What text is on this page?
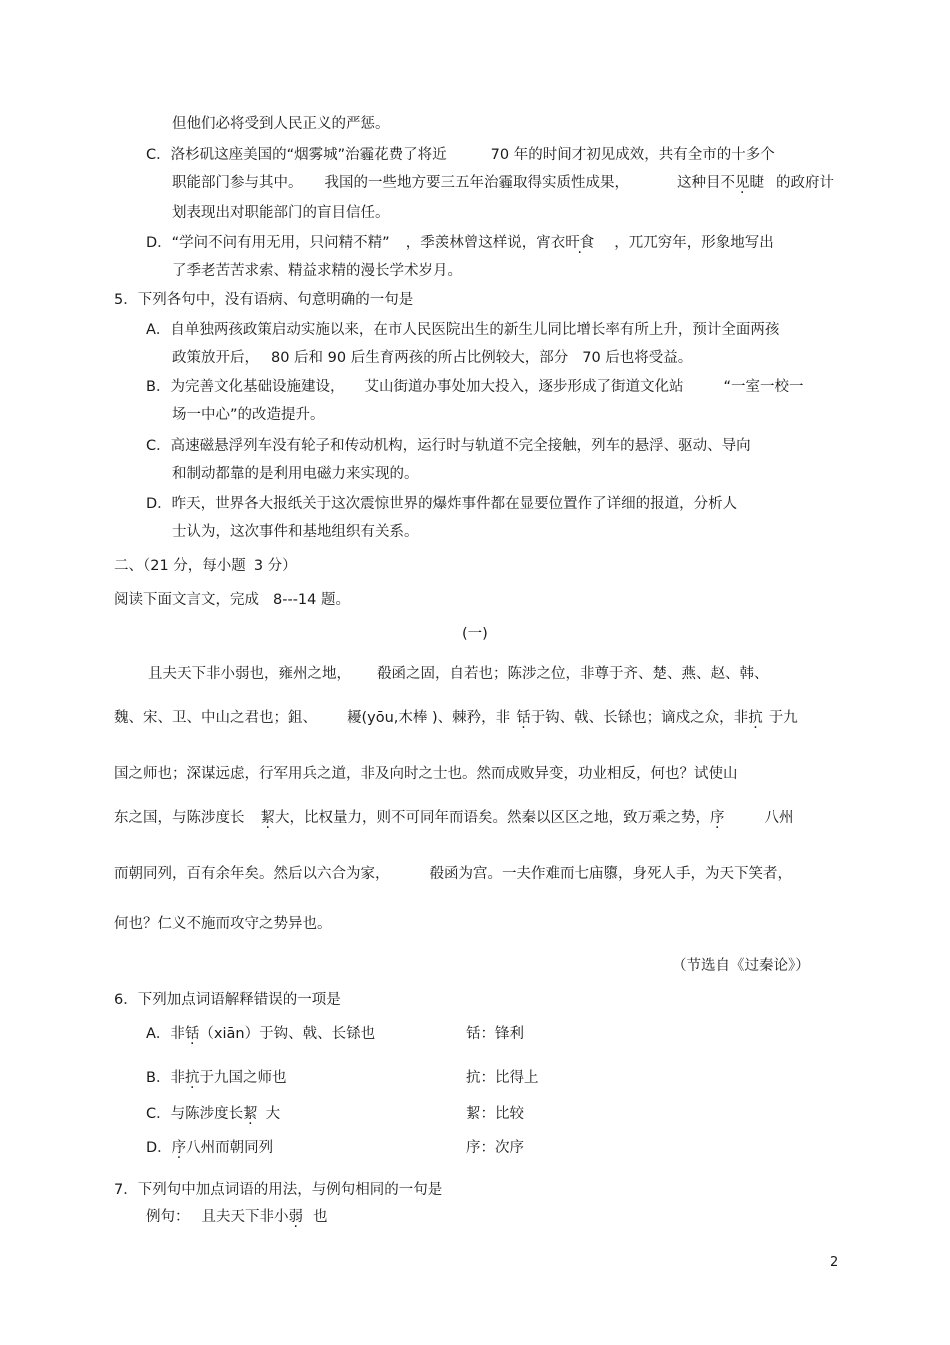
但他们必将受到人民正义的严惩。
C．洛杉矶这座美国的“烟雾城”治霾花费了将近	70 年的时间才初见成效，共有全市的十多个
职能部门参与其中。 我国的一些地方要三五年治霾取得实质性成果，	这种目不见睫 的政府计
划表现出对职能部门的盲目信任。
D．“学问不问有用无用，只问精不精” ，季羡林曾这样说，宵衣旰食 ，兀兀穷年，形象地写出
了季老苦苦求索、精益求精的漫长学术岁月。
5．下列各句中，没有语病、句意明确的一句是
A．自单独两孩政策启动实施以来，在市人民医院出生的新生儿同比增长率有所上升，预计全面两孩
政策放开后， 80 后和 90 后生育两孩的所占比例较大，部分 70 后也将受益。
B．为完善文化基础设施建设， 艾山街道办事处加大投入，逐步形成了街道文化站	“一室一校一
场一中心”的改造提升。
C．高速磁悬浮列车没有轮子和传动机构，运行时与轨道不完全接触，列车的悬浮、驱动、导向
和制动都靠的是利用电磁力来实现的。
D．昨天，世界各大报纸关于这次震惊世界的爆炸事件都在显要位置作了详细的报道，分析人
士认为，这次事件和基地组织有关系。
二、（21 分，每小题 3 分）
阅读下面文言文，完成 8---14 题。
(一)
且夫天下非小弱也，雍州之地， 殽函之固，自若也；陈涉之位，非尊于齐、楚、燕、赵、韩、
魏、宋、卫、中山之君也；鉏、 耰(yōu,木棒 )、棘矜，非 铦于钩、戟、长铩也；谪戍之众，非抗 于九
国之师也；深谋远虑，行军用兵之道，非及向时之士也。然而成败异变，功业相反，何也？试使山
东之国，与陈涉度长 絜大，比权量力，则不可同年而语矣。然秦以区区之地，致万乘之势，序	八州
而朝同列，百有余年矣。然后以六合为家，	殽函为宫。一夫作难而七庙隳，身死人手，为天下笑者，
何也？仁义不施而攻守之势异也。
（节选自《过秦论》）
6．下列加点词语解释错误的一项是
A．非铦（xiān）于钩、戟、长铩也	铦：锋利
B．非抗于九国之师也	抗：比得上
C．与陈涉度长絜 大	絜：比较
D．序八州而朝同列	序：次序
7．下列句中加点词语的用法，与例句相同的一句是
例句： 且夫天下非小弱 也
2
